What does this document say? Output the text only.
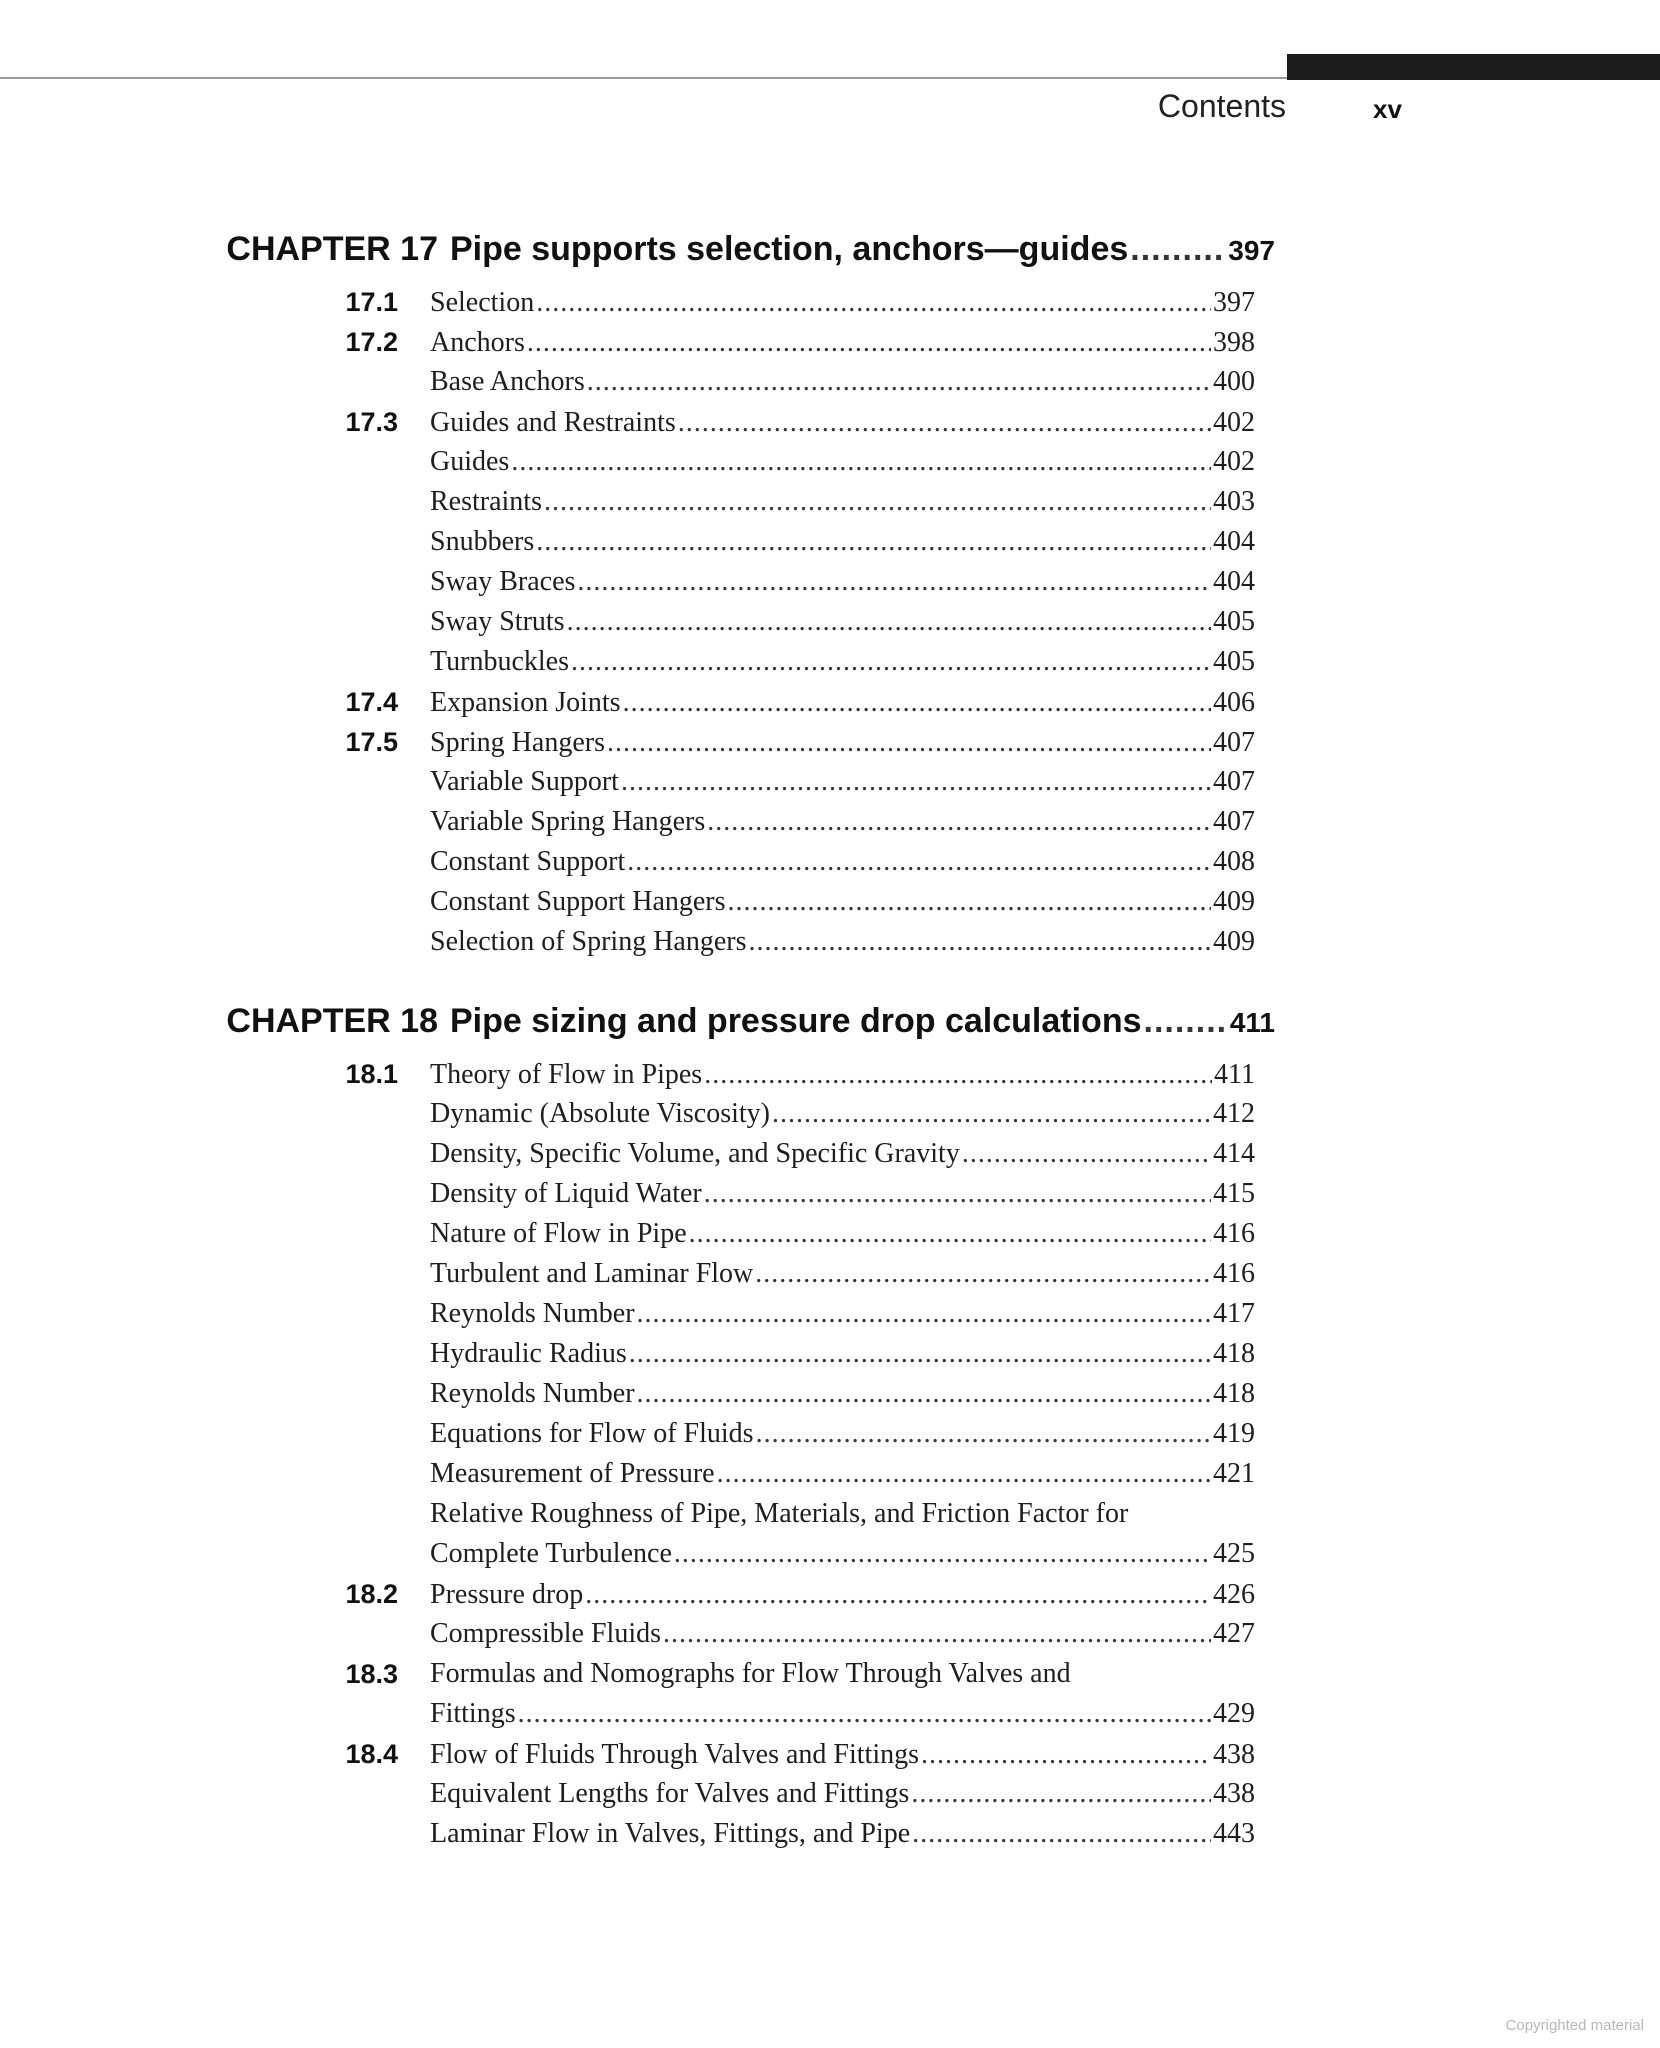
Contents	xv
CHAPTER 17 Pipe supports selection, anchors—guides .....	397
17.1	Selection .....	397
17.2	Anchors .....	398
Base Anchors .....	400
17.3	Guides and Restraints .....	402
Guides .....	402
Restraints .....	403
Snubbers .....	404
Sway Braces .....	404
Sway Struts .....	405
Turnbuckles .....	405
17.4	Expansion Joints .....	406
17.5	Spring Hangers .....	407
Variable Support .....	407
Variable Spring Hangers .....	407
Constant Support .....	408
Constant Support Hangers .....	409
Selection of Spring Hangers .....	409
CHAPTER 18 Pipe sizing and pressure drop calculations .....	411
18.1	Theory of Flow in Pipes .....	411
Dynamic (Absolute Viscosity) .....	412
Density, Specific Volume, and Specific Gravity .....	414
Density of Liquid Water .....	415
Nature of Flow in Pipe .....	416
Turbulent and Laminar Flow .....	416
Reynolds Number .....	417
Hydraulic Radius .....	418
Reynolds Number .....	418
Equations for Flow of Fluids .....	419
Measurement of Pressure .....	421
Relative Roughness of Pipe, Materials, and Friction Factor for
Complete Turbulence .....	425
18.2	Pressure drop .....	426
Compressible Fluids .....	427
18.3	Formulas and Nomographs for Flow Through Valves and
Fittings .....	429
18.4	Flow of Fluids Through Valves and Fittings .....	438
Equivalent Lengths for Valves and Fittings .....	438
Laminar Flow in Valves, Fittings, and Pipe .....	443
Copyrighted material
